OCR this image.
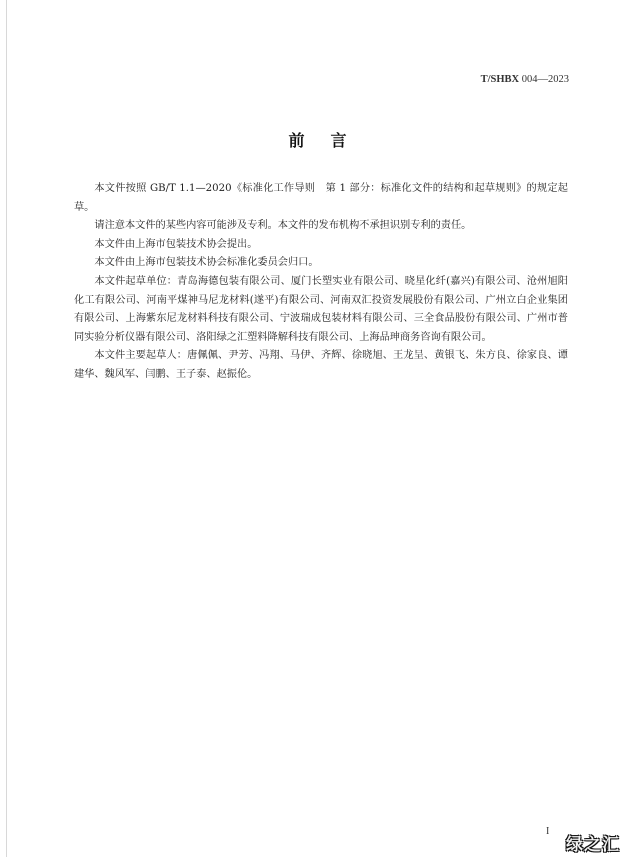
T/SHBX 004—2023
前言

本文件按照 GB/T 1.1—2020《标准化工作导则　第 1 部分：标准化文件的结构和起草规则》的规定起草。

请注意本文件的某些内容可能涉及专利。本文件的发布机构不承担识别专利的责任。

本文件由上海市包装技术协会提出。

本文件由上海市包装技术协会标准化委员会归口。

本文件起草单位：青岛海德包装有限公司、厦门长塑实业有限公司、晓星化纤(嘉兴)有限公司、沧州旭阳化工有限公司、河南平煤神马尼龙材料(遂平)有限公司、河南双汇投资发展股份有限公司、广州立白企业集团有限公司、上海紫东尼龙材料科技有限公司、宁波瑞成包装材料有限公司、三全食品股份有限公司、广州市普同实验分析仪器有限公司、洛阳绿之汇塑料降解科技有限公司、上海品珅商务咨询有限公司。

本文件主要起草人：唐佩佩、尹芳、冯翔、马伊、齐辉、徐晓旭、王龙呈、黄银飞、朱方良、徐家良、谭建华、魏风军、闫鹏、王子泰、赵振伦。

I
绿之汇
